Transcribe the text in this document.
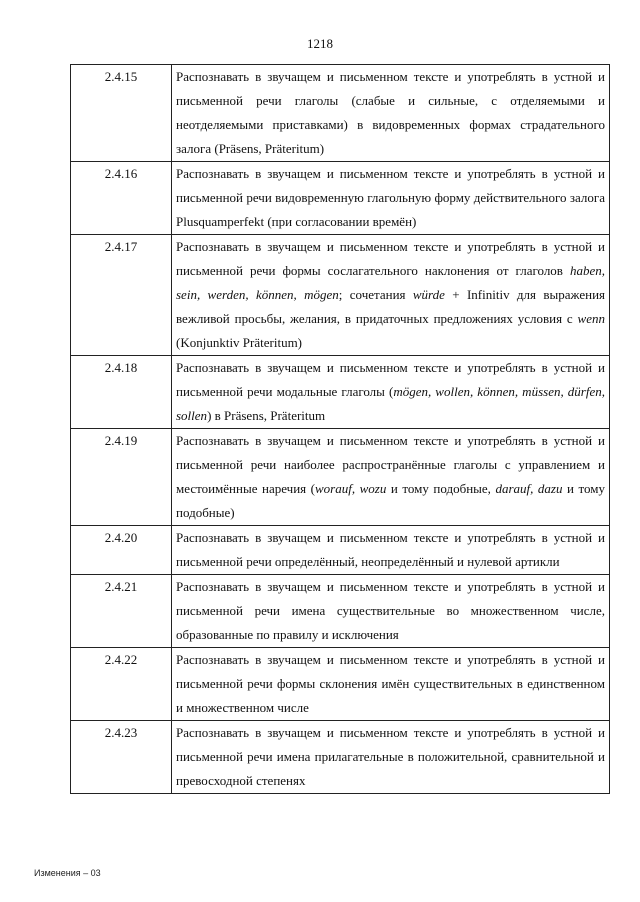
1218
2.4.15	Распознавать в звучащем и письменном тексте и употреблять в устной и письменной речи глаголы (слабые и сильные, с отделяемыми и неотделяемыми приставками) в видовременных формах страдательного залога (Präsens, Präteritum)
2.4.16	Распознавать в звучащем и письменном тексте и употреблять в устной и письменной речи видовременную глагольную форму действительного залога Plusquamperfekt (при согласовании времён)
2.4.17	Распознавать в звучащем и письменном тексте и употреблять в устной и письменной речи формы сослагательного наклонения от глаголов haben, sein, werden, können, mögen; сочетания würde + Infinitiv для выражения вежливой просьбы, желания, в придаточных предложениях условия с wenn (Konjunktiv Präteritum)
2.4.18	Распознавать в звучащем и письменном тексте и употреблять в устной и письменной речи модальные глаголы (mögen, wollen, können, müssen, dürfen, sollen) в Präsens, Präteritum
2.4.19	Распознавать в звучащем и письменном тексте и употреблять в устной и письменной речи наиболее распространённые глаголы с управлением и местоимённые наречия (worauf, wozu и тому подобные, darauf, dazu и тому подобные)
2.4.20	Распознавать в звучащем и письменном тексте и употреблять в устной и письменной речи определённый, неопределённый и нулевой артикли
2.4.21	Распознавать в звучащем и письменном тексте и употреблять в устной и письменной речи имена существительные во множественном числе, образованные по правилу и исключения
2.4.22	Распознавать в звучащем и письменном тексте и употреблять в устной и письменной речи формы склонения имён существительных в единственном и множественном числе
2.4.23	Распознавать в звучащем и письменном тексте и употреблять в устной и письменной речи имена прилагательные в положительной, сравнительной и превосходной степенях
Изменения – 03
